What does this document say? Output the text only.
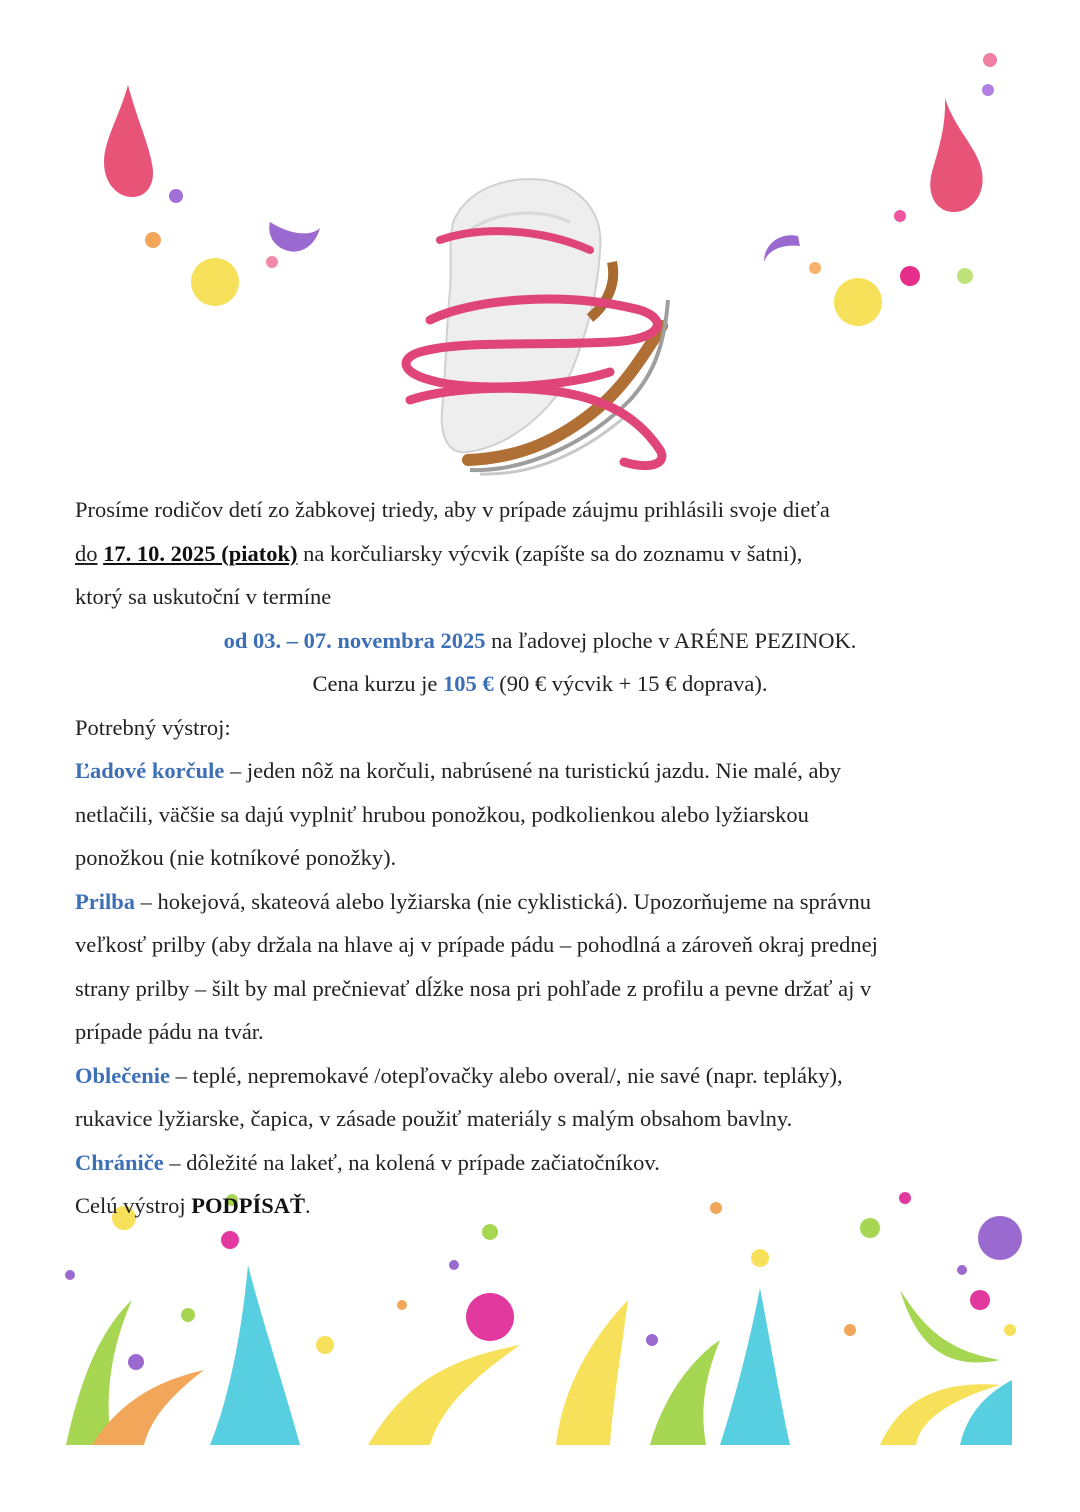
Prosíme rodičov detí zo žabkovej triedy, aby v prípade záujmu prihlásili svoje dieťa
do 17. 10. 2025 (piatok) na korčuliarsky výcvik (zapíšte sa do zoznamu v šatni),
ktorý sa uskutoční v termíne
od 03. – 07. novembra 2025 na ľadovej ploche v ARÉNE PEZINOK.
Cena kurzu je 105 € (90 € výcvik + 15 € doprava).
Potrebný výstroj:
Ľadové korčule – jeden nôž na korčuli, nabrúsené na turistickú jazdu. Nie malé, aby
netlačili, väčšie sa dajú vyplniť hrubou ponožkou, podkolienkou alebo lyžiarskou
ponožkou (nie kotníkové ponožky).
Prilba – hokejová, skateová alebo lyžiarska (nie cyklistická). Upozorňujeme na správnu
veľkosť prilby (aby držala na hlave aj v prípade pádu – pohodlná a zároveň okraj prednej
strany prilby – šilt by mal prečnievať dĺžke nosa pri pohľade z profilu a pevne držať aj v
prípade pádu na tvár.
Oblečenie – teplé, nepremokavé /otepľovačky alebo overal/, nie savé (napr. tepláky),
rukavice lyžiarske, čapica, v zásade použiť materiály s malým obsahom bavlny.
Chrániče – dôležité na lakeť, na kolená v prípade začiatočníkov.
Celú výstroj PODPÍSAŤ.
